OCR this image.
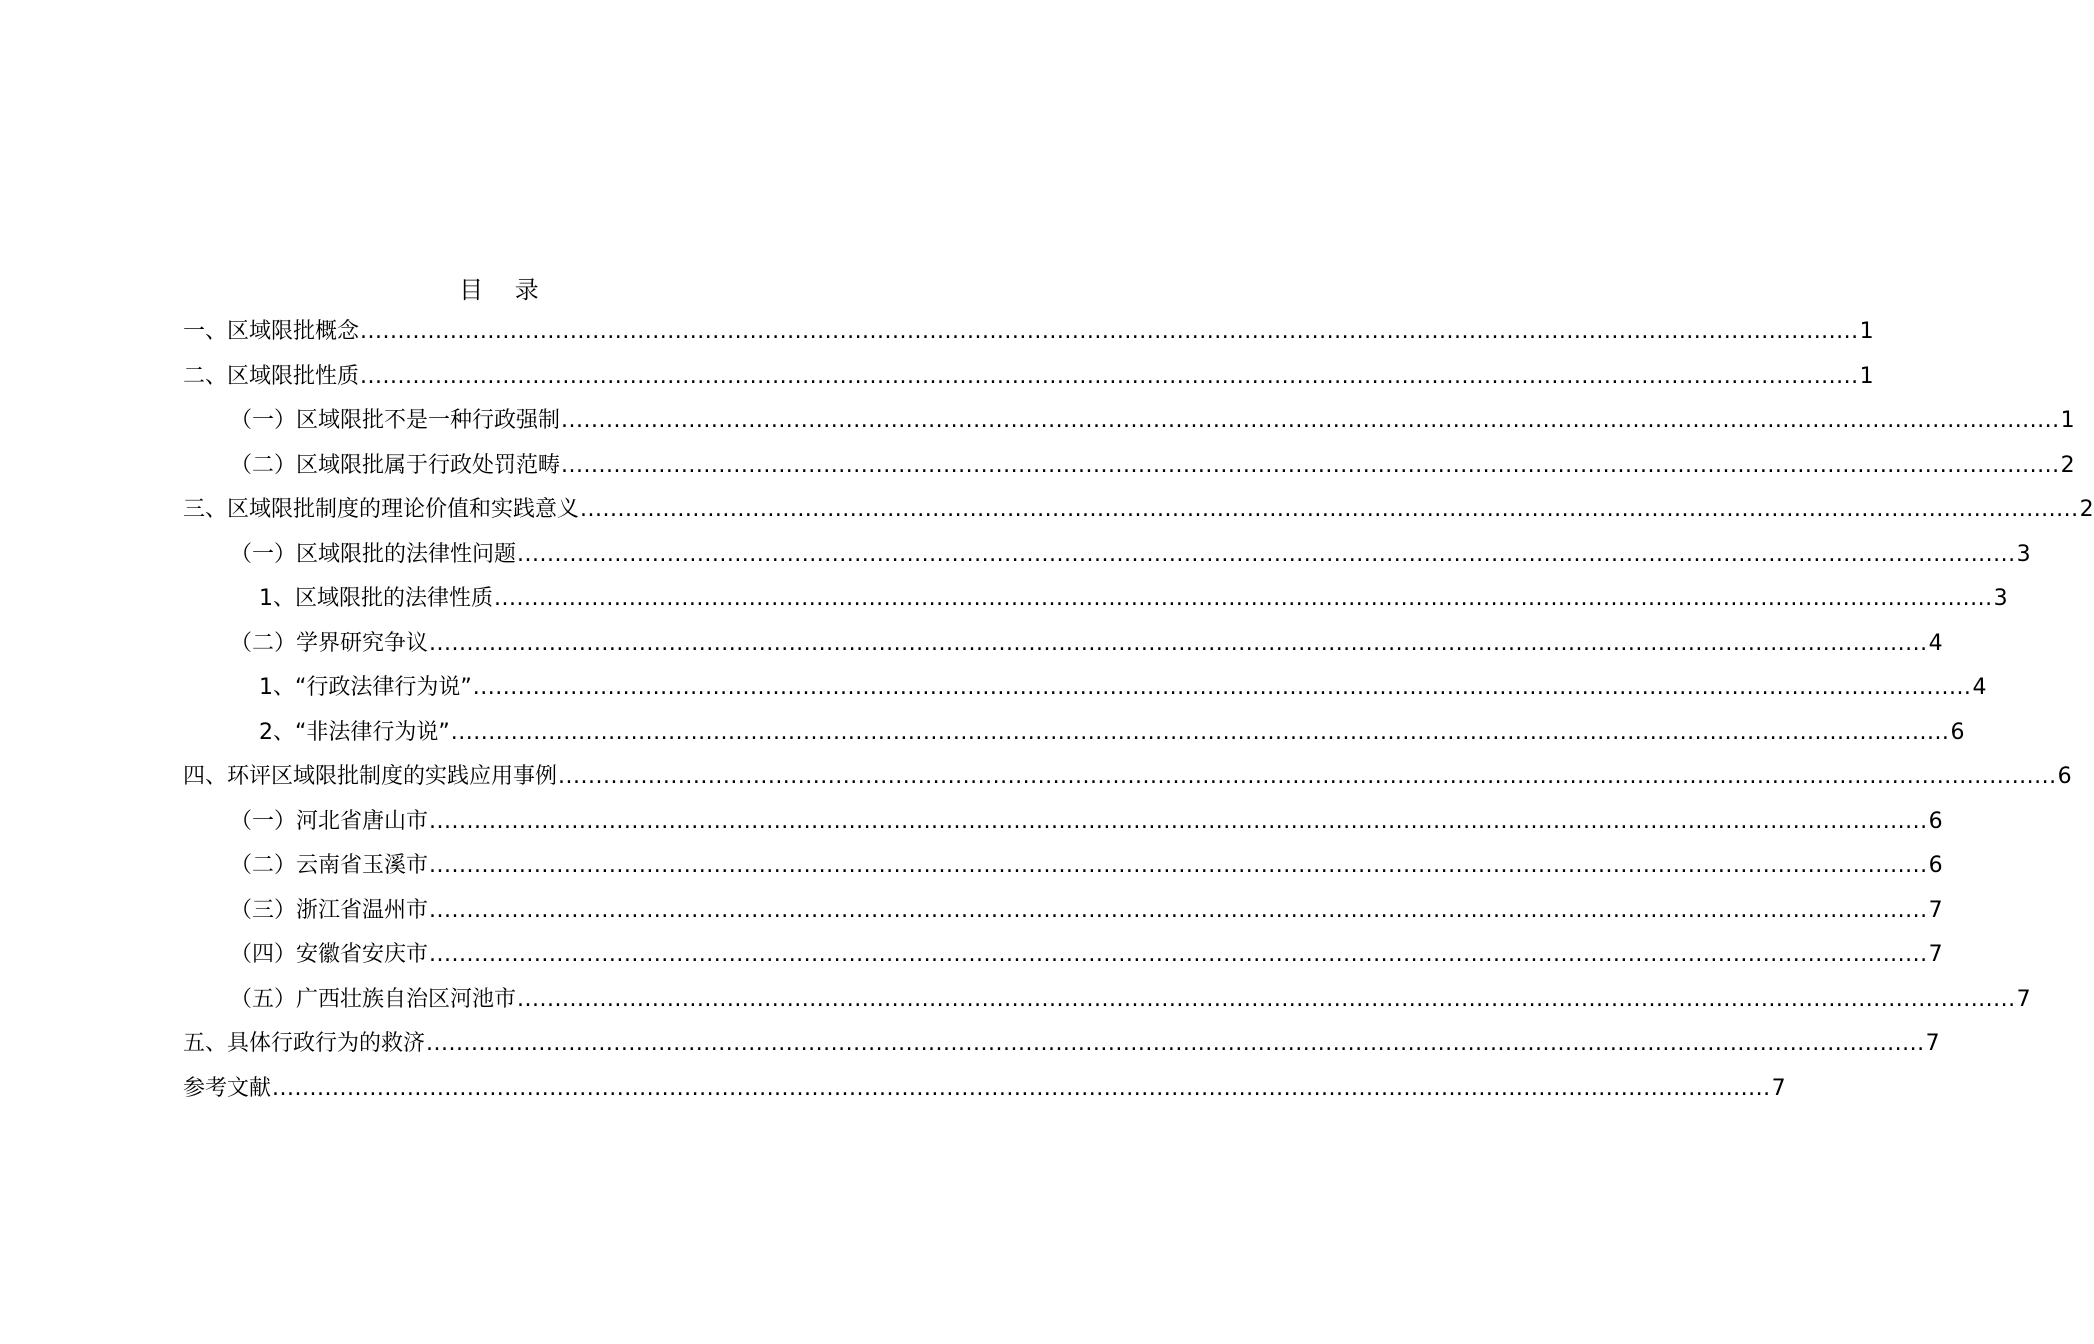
目 录
一、区域限批概念 ........................................................................................................................................................................................................ 1
二、区域限批性质 ........................................................................................................................................................................................................ 1
（一）区域限批不是一种行政强制 ........................................................................................................................................................................................................ 1
（二）区域限批属于行政处罚范畴 ........................................................................................................................................................................................................ 2
三、区域限批制度的理论价值和实践意义 ........................................................................................................................................................................................................ 2
（一）区域限批的法律性问题 ........................................................................................................................................................................................................ 3
1、区域限批的法律性质 ........................................................................................................................................................................................................ 3
（二）学界研究争议 ........................................................................................................................................................................................................ 4
1、“行政法律行为说” ........................................................................................................................................................................................................ 4
2、“非法律行为说” ........................................................................................................................................................................................................ 6
四、环评区域限批制度的实践应用事例 ........................................................................................................................................................................................................ 6
（一）河北省唐山市 ........................................................................................................................................................................................................ 6
（二）云南省玉溪市 ........................................................................................................................................................................................................ 6
（三）浙江省温州市 ........................................................................................................................................................................................................ 7
（四）安徽省安庆市 ........................................................................................................................................................................................................ 7
（五）广西壮族自治区河池市 ........................................................................................................................................................................................................ 7
五、具体行政行为的救济 ........................................................................................................................................................................................................ 7
参考文献 ........................................................................................................................................................................................................ 7
